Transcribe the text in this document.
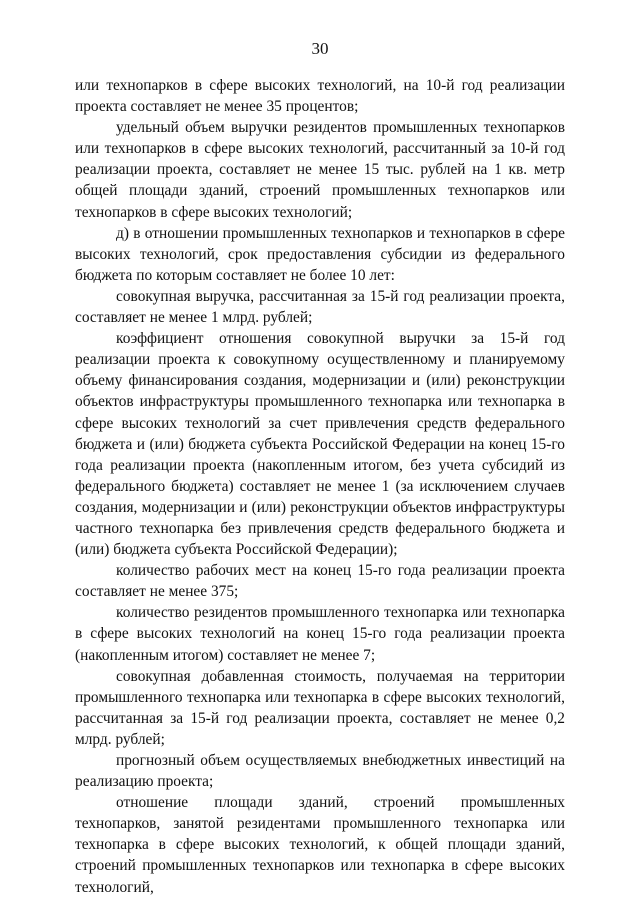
30

или технопарков в сфере высоких технологий, на 10-й год реализации проекта составляет не менее 35 процентов;

удельный объем выручки резидентов промышленных технопарков или технопарков в сфере высоких технологий, рассчитанный за 10-й год реализации проекта, составляет не менее 15 тыс. рублей на 1 кв. метр общей площади зданий, строений промышленных технопарков или технопарков в сфере высоких технологий;

д) в отношении промышленных технопарков и технопарков в сфере высоких технологий, срок предоставления субсидии из федерального бюджета по которым составляет не более 10 лет:

совокупная выручка, рассчитанная за 15-й год реализации проекта, составляет не менее 1 млрд. рублей;

коэффициент отношения совокупной выручки за 15-й год реализации проекта к совокупному осуществленному и планируемому объему финансирования создания, модернизации и (или) реконструкции объектов инфраструктуры промышленного технопарка или технопарка в сфере высоких технологий за счет привлечения средств федерального бюджета и (или) бюджета субъекта Российской Федерации на конец 15-го года реализации проекта (накопленным итогом, без учета субсидий из федерального бюджета) составляет не менее 1 (за исключением случаев создания, модернизации и (или) реконструкции объектов инфраструктуры частного технопарка без привлечения средств федерального бюджета и (или) бюджета субъекта Российской Федерации);

количество рабочих мест на конец 15-го года реализации проекта составляет не менее 375;

количество резидентов промышленного технопарка или технопарка в сфере высоких технологий на конец 15-го года реализации проекта (накопленным итогом) составляет не менее 7;

совокупная добавленная стоимость, получаемая на территории промышленного технопарка или технопарка в сфере высоких технологий, рассчитанная за 15-й год реализации проекта, составляет не менее 0,2 млрд. рублей;

прогнозный объем осуществляемых внебюджетных инвестиций на реализацию проекта;

отношение площади зданий, строений промышленных технопарков, занятой резидентами промышленного технопарка или технопарка в сфере высоких технологий, к общей площади зданий, строений промышленных технопарков или технопарка в сфере высоких технологий,
